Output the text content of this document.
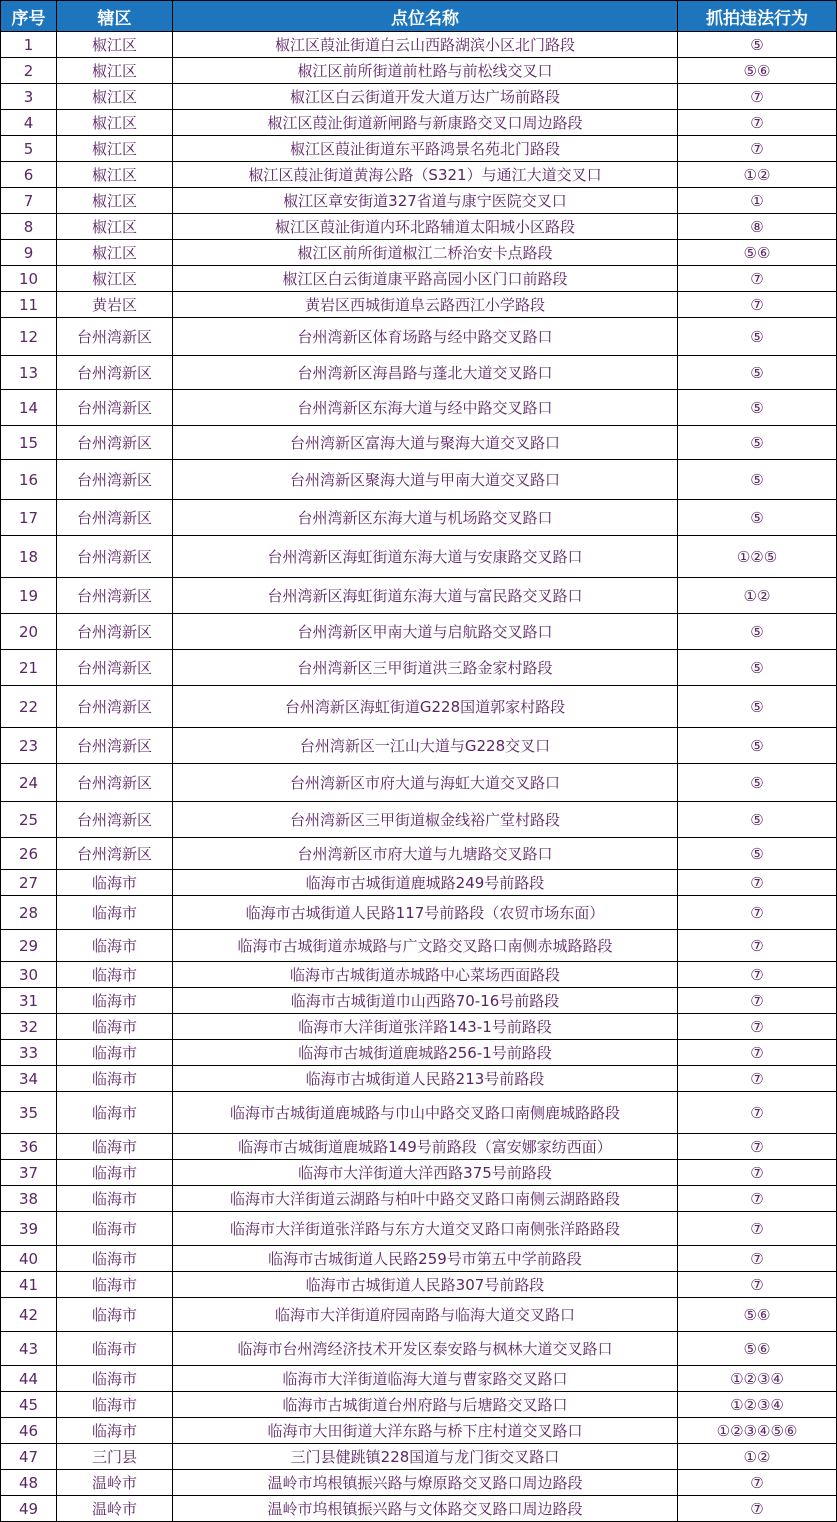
序号	辖区	点位名称	抓拍违法行为
1	椒江区	椒江区葭沚街道白云山西路湖滨小区北门路段	⑤
2	椒江区	椒江区前所街道前杜路与前松线交叉口	⑤⑥
3	椒江区	椒江区白云街道开发大道万达广场前路段	⑦
4	椒江区	椒江区葭沚街道新闸路与新康路交叉口周边路段	⑦
5	椒江区	椒江区葭沚街道东平路鸿景名苑北门路段	⑦
6	椒江区	椒江区葭沚街道黄海公路（S321）与通江大道交叉口	①②
7	椒江区	椒江区章安街道327省道与康宁医院交叉口	①
8	椒江区	椒江区葭沚街道内环北路辅道太阳城小区路段	⑧
9	椒江区	椒江区前所街道椒江二桥治安卡点路段	⑤⑥
10	椒江区	椒江区白云街道康平路高园小区门口前路段	⑦
11	黄岩区	黄岩区西城街道阜云路西江小学路段	⑦
12	台州湾新区	台州湾新区体育场路与经中路交叉路口	⑤
13	台州湾新区	台州湾新区海昌路与蓬北大道交叉路口	⑤
14	台州湾新区	台州湾新区东海大道与经中路交叉路口	⑤
15	台州湾新区	台州湾新区富海大道与聚海大道交叉路口	⑤
16	台州湾新区	台州湾新区聚海大道与甲南大道交叉路口	⑤
17	台州湾新区	台州湾新区东海大道与机场路交叉路口	⑤
18	台州湾新区	台州湾新区海虹街道东海大道与安康路交叉路口	①②⑤
19	台州湾新区	台州湾新区海虹街道东海大道与富民路交叉路口	①②
20	台州湾新区	台州湾新区甲南大道与启航路交叉路口	⑤
21	台州湾新区	台州湾新区三甲街道洪三路金家村路段	⑤
22	台州湾新区	台州湾新区海虹街道G228国道郭家村路段	⑤
23	台州湾新区	台州湾新区一江山大道与G228交叉口	⑤
24	台州湾新区	台州湾新区市府大道与海虹大道交叉路口	⑤
25	台州湾新区	台州湾新区三甲街道椒金线裕广堂村路段	⑤
26	台州湾新区	台州湾新区市府大道与九塘路交叉路口	⑤
27	临海市	临海市古城街道鹿城路249号前路段	⑦
28	临海市	临海市古城街道人民路117号前路段（农贸市场东面）	⑦
29	临海市	临海市古城街道赤城路与广文路交叉路口南侧赤城路路段	⑦
30	临海市	临海市古城街道赤城路中心菜场西面路段	⑦
31	临海市	临海市古城街道巾山西路70-16号前路段	⑦
32	临海市	临海市大洋街道张洋路143-1号前路段	⑦
33	临海市	临海市古城街道鹿城路256-1号前路段	⑦
34	临海市	临海市古城街道人民路213号前路段	⑦
35	临海市	临海市古城街道鹿城路与巾山中路交叉路口南侧鹿城路路段	⑦
36	临海市	临海市古城街道鹿城路149号前路段（富安娜家纺西面）	⑦
37	临海市	临海市大洋街道大洋西路375号前路段	⑦
38	临海市	临海市大洋街道云湖路与柏叶中路交叉路口南侧云湖路路段	⑦
39	临海市	临海市大洋街道张洋路与东方大道交叉路口南侧张洋路路段	⑦
40	临海市	临海市古城街道人民路259号市第五中学前路段	⑦
41	临海市	临海市古城街道人民路307号前路段	⑦
42	临海市	临海市大洋街道府园南路与临海大道交叉路口	⑤⑥
43	临海市	临海市台州湾经济技术开发区泰安路与枫林大道交叉路口	⑤⑥
44	临海市	临海市大洋街道临海大道与曹家路交叉路口	①②③④
45	临海市	临海市古城街道台州府路与后塘路交叉路口	①②③④
46	临海市	临海市大田街道大洋东路与桥下庄村道交叉路口	①②③④⑤⑥
47	三门县	三门县健跳镇228国道与龙门街交叉路口	①②
48	温岭市	温岭市坞根镇振兴路与燎原路交叉路口周边路段	⑦
49	温岭市	温岭市坞根镇振兴路与文体路交叉路口周边路段	⑦
